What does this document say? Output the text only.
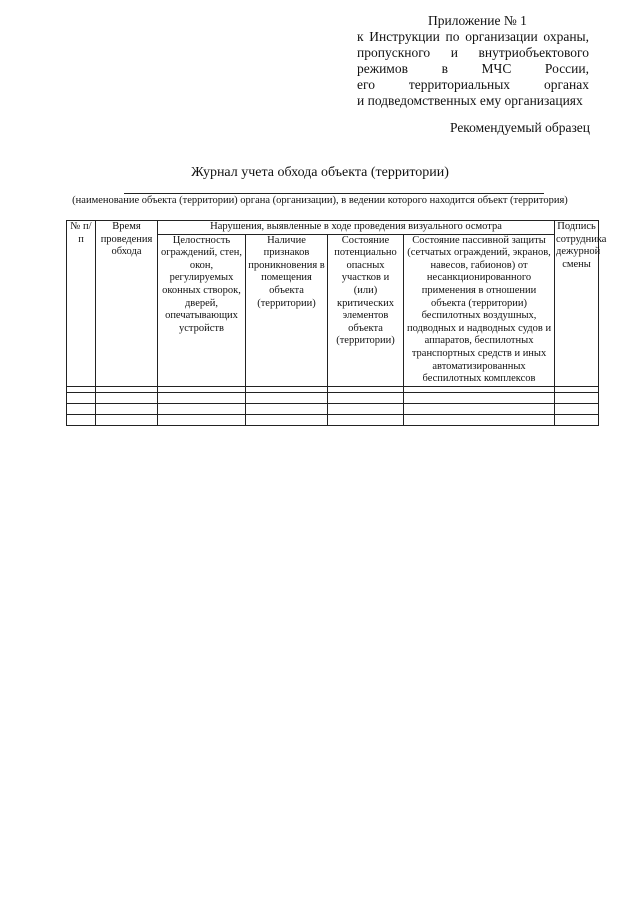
Приложение № 1
к Инструкции по организации охраны,
пропускного и внутриобъектового
режимов в МЧС России,
его территориальных органах
и подведомственных ему организациях
Рекомендуемый образец
Журнал учета обхода объекта (территории)
(наименование объекта (территории) органа (организации), в ведении которого находится объект (территория)
№ п/п	Время проведения обхода	Нарушения, выявленные в ходе проведения визуального осмотра				Подпись сотрудника дежурной смены
		Целостность ограждений, стен, окон, регулируемых оконных створок, дверей, опечатывающих устройств	Наличие признаков проникновения в помещения объекта (территории)	Состояние потенциально опасных участков и (или) критических элементов объекта (территории)	Состояние пассивной защиты (сетчатых ограждений, экранов, навесов, габионов) от несанкционированного применения в отношении объекта (территории) беспилотных воздушных, подводных и надводных судов и аппаратов, беспилотных транспортных средств и иных автоматизированных беспилотных комплексов	
